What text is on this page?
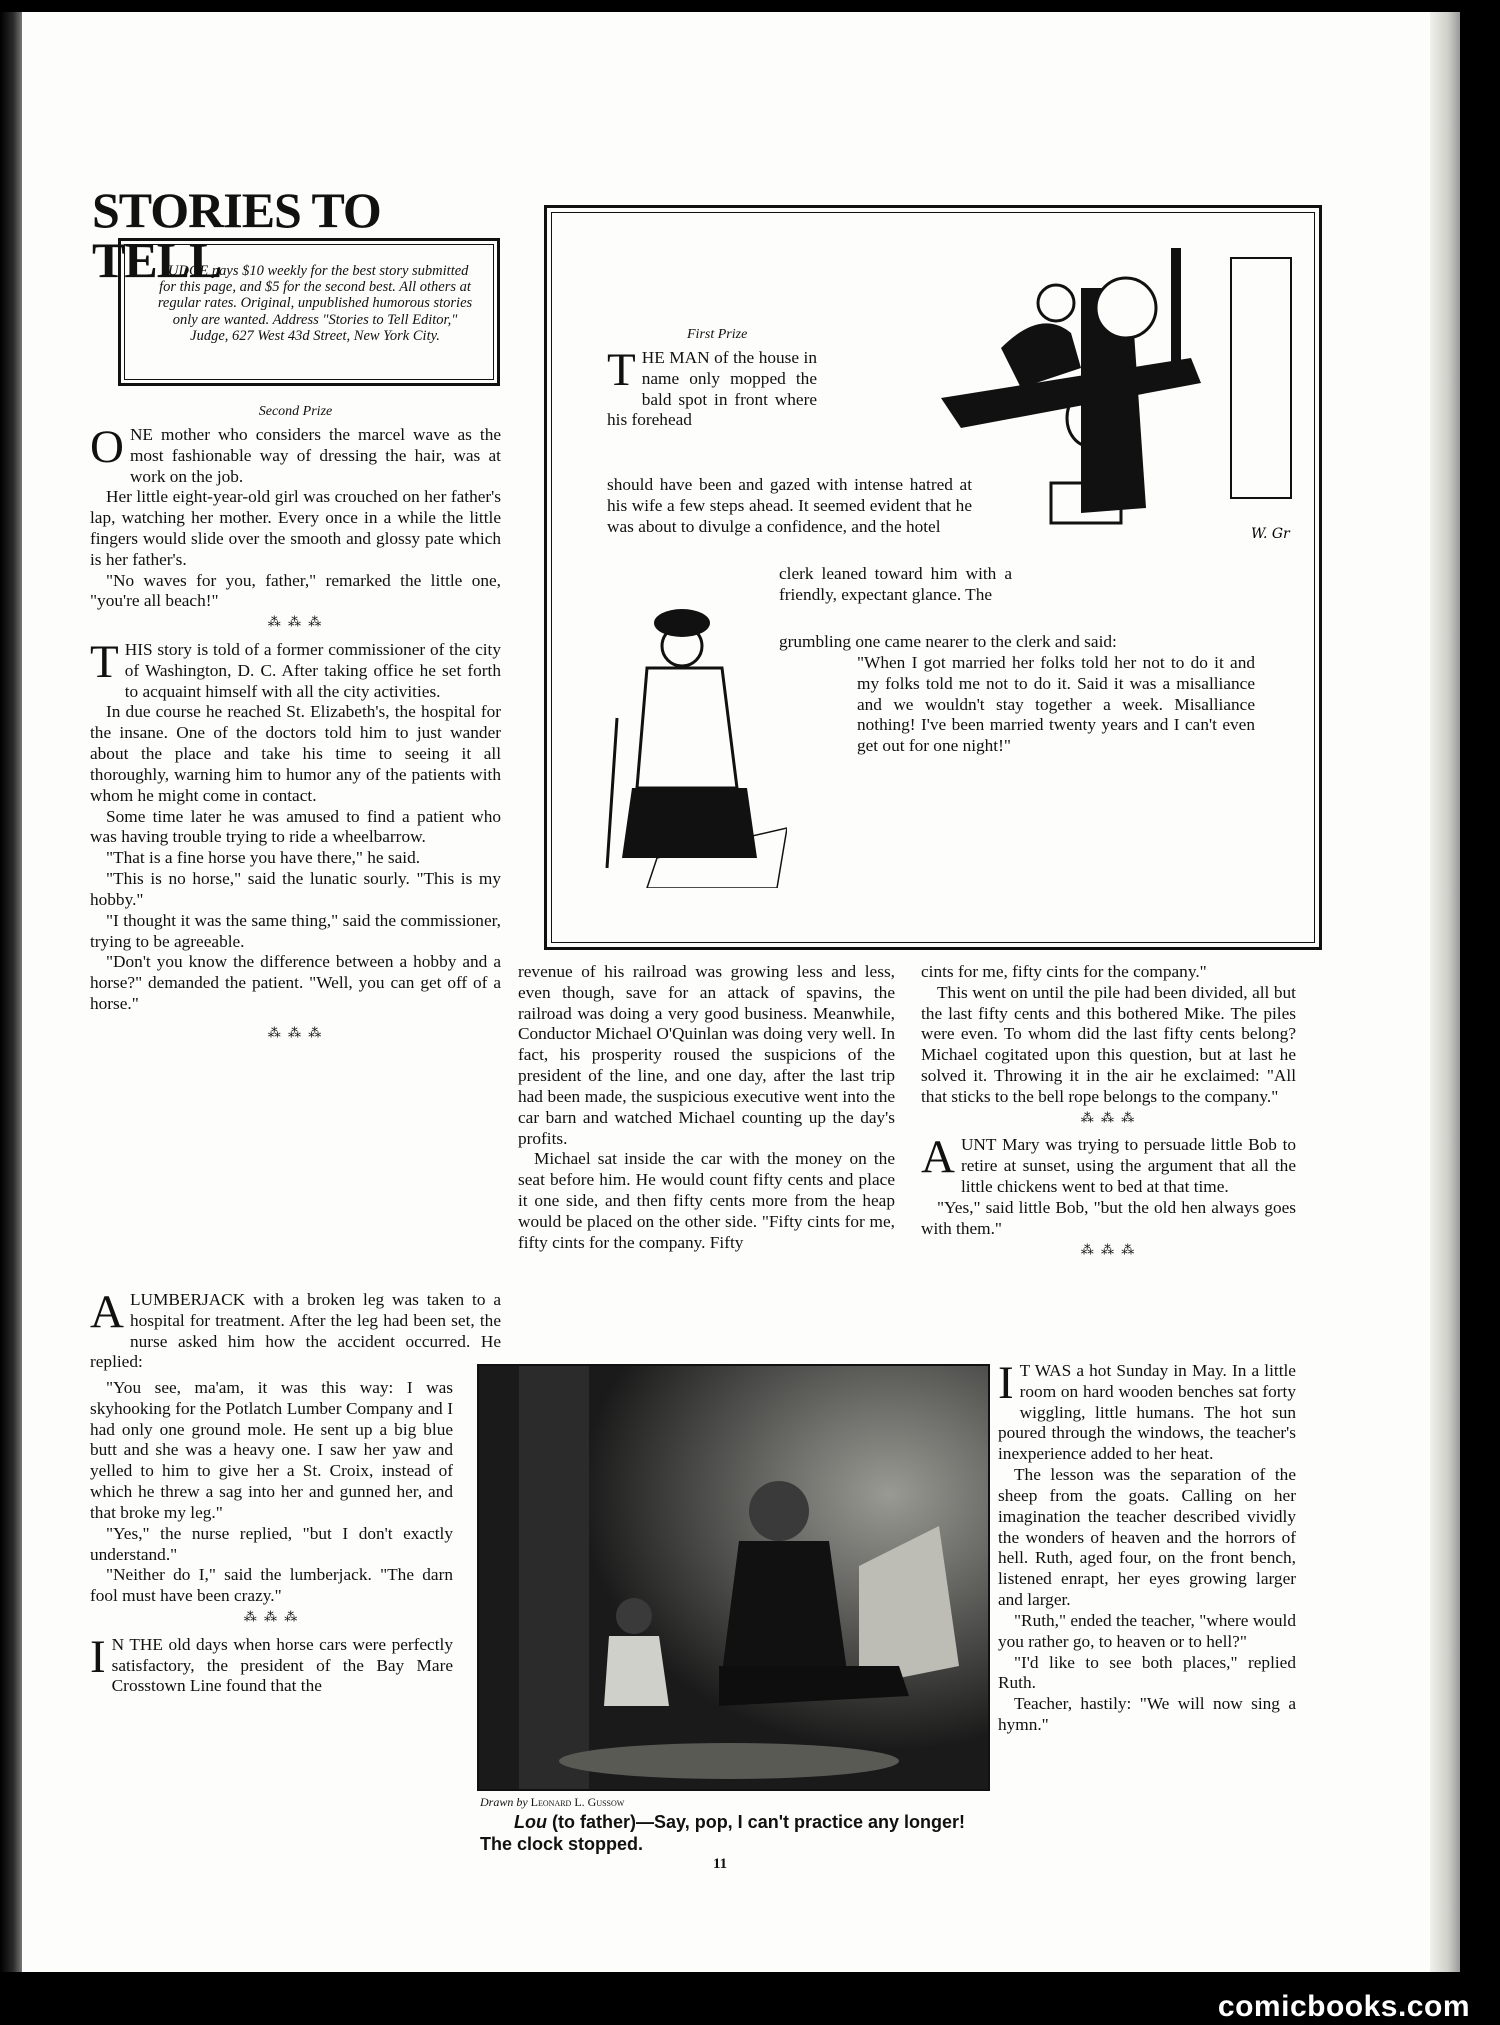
STORIES TO TELL
JUDGE pays $10 weekly for the best story submitted for this page, and $5 for the second best. All others at regular rates. Original, unpublished humorous stories only are wanted. Address "Stories to Tell Editor," Judge, 627 West 43d Street, New York City.

Second Prize

ONE mother who considers the marcel wave as the most fashionable way of dressing the hair, was at work on the job.

Her little eight-year-old girl was crouched on her father's lap, watching her mother. Every once in a while the little fingers would slide over the smooth and glossy pate which is her father's.

"No waves for you, father," remarked the little one, "you're all beach!"

⁂ ⁂ ⁂

THIS story is told of a former commissioner of the city of Washington, D. C. After taking office he set forth to acquaint himself with all the city activities.

In due course he reached St. Elizabeth's, the hospital for the insane. One of the doctors told him to just wander about the place and take his time to seeing it all thoroughly, warning him to humor any of the patients with whom he might come in contact.

Some time later he was amused to find a patient who was having trouble trying to ride a wheelbarrow.

"That is a fine horse you have there," he said.

"This is no horse," said the lunatic sourly. "This is my hobby."

"I thought it was the same thing," said the commissioner, trying to be agreeable.

"Don't you know the difference between a hobby and a horse?" demanded the patient. "Well, you can get off of a horse."

⁂ ⁂ ⁂

ALUMBERJACK with a broken leg was taken to a hospital for treatment. After the leg had been set, the nurse asked him how the accident occurred. He replied:

"You see, ma'am, it was this way: I was skyhooking for the Potlatch Lumber Company and I had only one ground mole. He sent up a big blue butt and she was a heavy one. I saw her yaw and yelled to him to give her a St. Croix, instead of which he threw a sag into her and gunned her, and that broke my leg."

"Yes," the nurse replied, "but I don't exactly understand."

"Neither do I," said the lumberjack. "The darn fool must have been crazy."

⁂ ⁂ ⁂

I N THE old days when horse cars were perfectly satisfactory, the president of the Bay Mare Crosstown Line found that the

W. Gr

First Prize

THE MAN of the house in name only mopped the bald spot in front where his forehead

should have been and gazed with intense hatred at his wife a few steps ahead. It seemed evident that he was about to divulge a confidence, and the hotel

clerk leaned toward him with a friendly, expectant glance. The

grumbling one came nearer to the clerk and said:

"When I got married her folks told her not to do it and my folks told me not to do it. Said it was a misalliance and we wouldn't stay together a week. Misalliance nothing! I've been married twenty years and I can't even get out for one night!"

revenue of his railroad was growing less and less, even though, save for an attack of spavins, the railroad was doing a very good business. Meanwhile, Conductor Michael O'Quinlan was doing very well. In fact, his prosperity roused the suspicions of the president of the line, and one day, after the last trip had been made, the suspicious executive went into the car barn and watched Michael counting up the day's profits.

Michael sat inside the car with the money on the seat before him. He would count fifty cents and place it one side, and then fifty cents more from the heap would be placed on the other side. "Fifty cints for me, fifty cints for the company. Fifty

cints for me, fifty cints for the company."

This went on until the pile had been divided, all but the last fifty cents and this bothered Mike. The piles were even. To whom did the last fifty cents belong? Michael cogitated upon this question, but at last he solved it. Throwing it in the air he exclaimed: "All that sticks to the bell rope belongs to the company."

⁂ ⁂ ⁂

AUNT Mary was trying to persuade little Bob to retire at sunset, using the argument that all the little chickens went to bed at that time.

"Yes," said little Bob, "but the old hen always goes with them."

⁂ ⁂ ⁂

I T WAS a hot Sunday in May. In a little room on hard wooden benches sat forty wiggling, little humans. The hot sun poured through the windows, the teacher's inexperience added to her heat.

The lesson was the separation of the sheep from the goats. Calling on her imagination the teacher described vividly the wonders of heaven and the horrors of hell. Ruth, aged four, on the front bench, listened enrapt, her eyes growing larger and larger.

"Ruth," ended the teacher, "where would you rather go, to heaven or to hell?"

"I'd like to see both places," replied Ruth.

Teacher, hastily: "We will now sing a hymn."

Drawn by Leonard L. Gussow
Lou (to father)—Say, pop, I can't practice any longer! The clock stopped.
11
comicbooks.com
